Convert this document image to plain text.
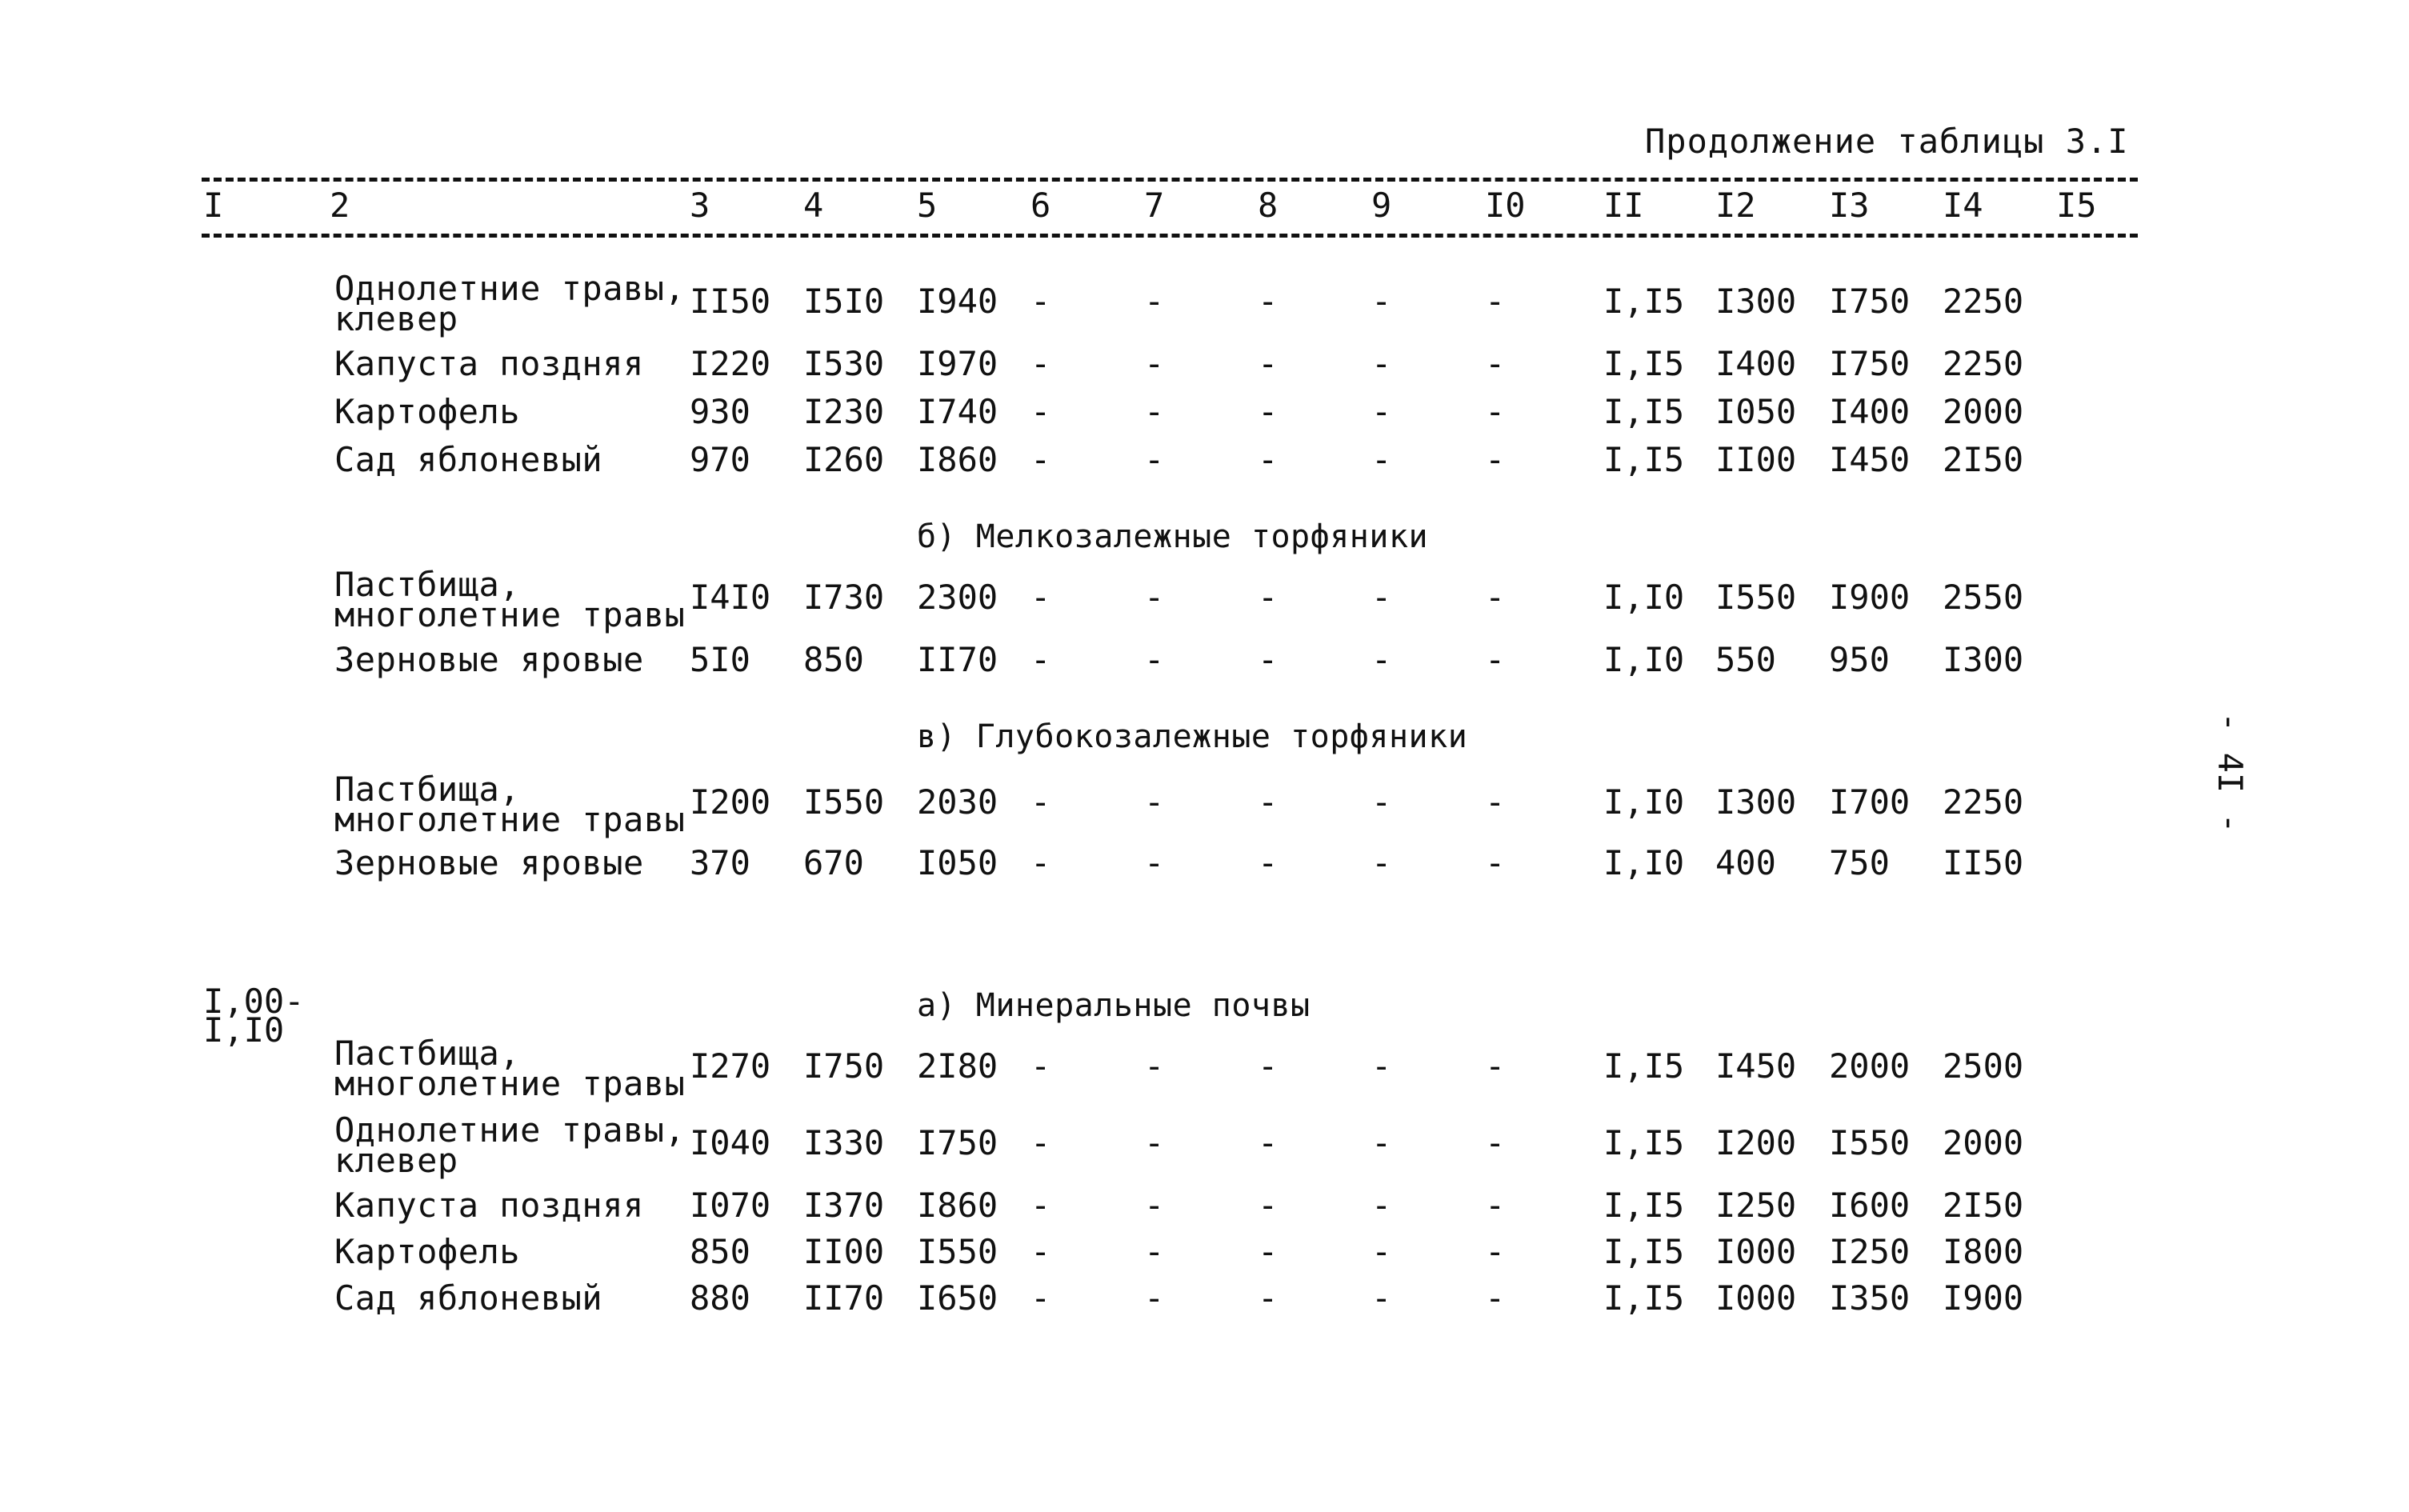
Продолжение таблицы 3.I
I	2	3	4	5	6	7	8	9	I0 II I2 I3 I4 I5
Однолетние травы,
клевер	II50 I5I0 I940 -	-	-	-	-	I,I5 I300 I750 2250
Капуста поздняя I220 I530 I970 -	-	-	-	-	I,I5 I400 I750 2250
Картофель	930 I230 I740 -	-	-	-	-	I,I5 I050 I400 2000
Сад яблоневый	970 I260 I860 -	-	-	-	-	I,I5 II00 I450 2I50
б) Мелкозалежные торфяники
Пастбища,
многолетние травы I4I0 I730 2300 -	-	-	-	-	I,I0 I550 I900 2550
Зерновые яровые 5I0 850 II70 -	-	-	-	-	I,I0 550 950 I300
в) Глубокозалежные торфяники
Пастбища,
многолетние травы I200 I550 2030 -	-	-	-	-	I,I0 I300 I700 2250
Зерновые яровые 370 670 I050 -	-	-	-	-	I,I0 400 750 II50
I,00-
I,I0
а) Минеральные почвы
Пастбища,
многолетние травы I270 I750 2I80 -	-	-	-	-	I,I5 I450 2000 2500
Однолетние травы,
клевер	I040 I330 I750 -	-	-	-	-	I,I5 I200 I550 2000
Капуста поздняя I070 I370 I860 -	-	-	-	-	I,I5 I250 I600 2I50
Картофель	850 II00 I550 -	-	-	-	-	I,I5 I000 I250 I800
Сад яблоневый	880 II70 I650 -	-	-	-	-	I,I5 I000 I350 I900
- 4I -
